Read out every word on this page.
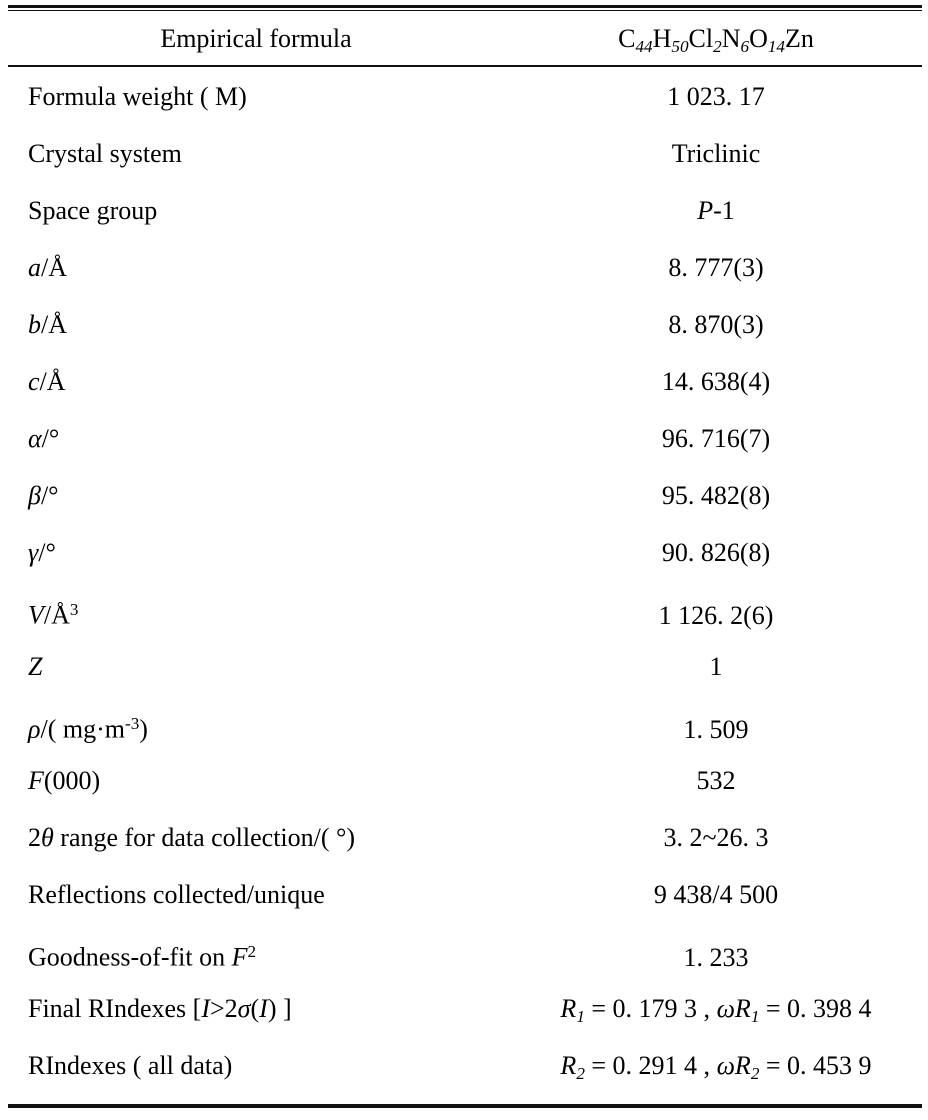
Empirical formula	$C_{44}H_{50}Cl_2N_6O_{14}Zn$
Formula weight ( M)	1 023. 17
Crystal system	Triclinic
Space group	P-1
a/Å	8. 777(3)
b/Å	8. 870(3)
c/Å	14. 638(4)
α/°	96. 716(7)
β/°	95. 482(8)
γ/°	90. 826(8)
$V/Å^3$	1 126. 2(6)
Z	1
ρ/( $mg\cdot m^{-3}$)	1. 509
F(000)	532
2θ range for data collection/( °)	3. 2~26. 3
Reflections collected/unique	9 438/4 500
Goodness-of-fit on $F^2$	1. 233
Final RIndexes [I>2σ(I) ]	$R_1 = 0$. 179 3 , $\omega R_1 = 0$. 398 4
RIndexes ( all data)	$R_2 = 0$. 291 4 , $\omega R_2 = 0$. 453 9
